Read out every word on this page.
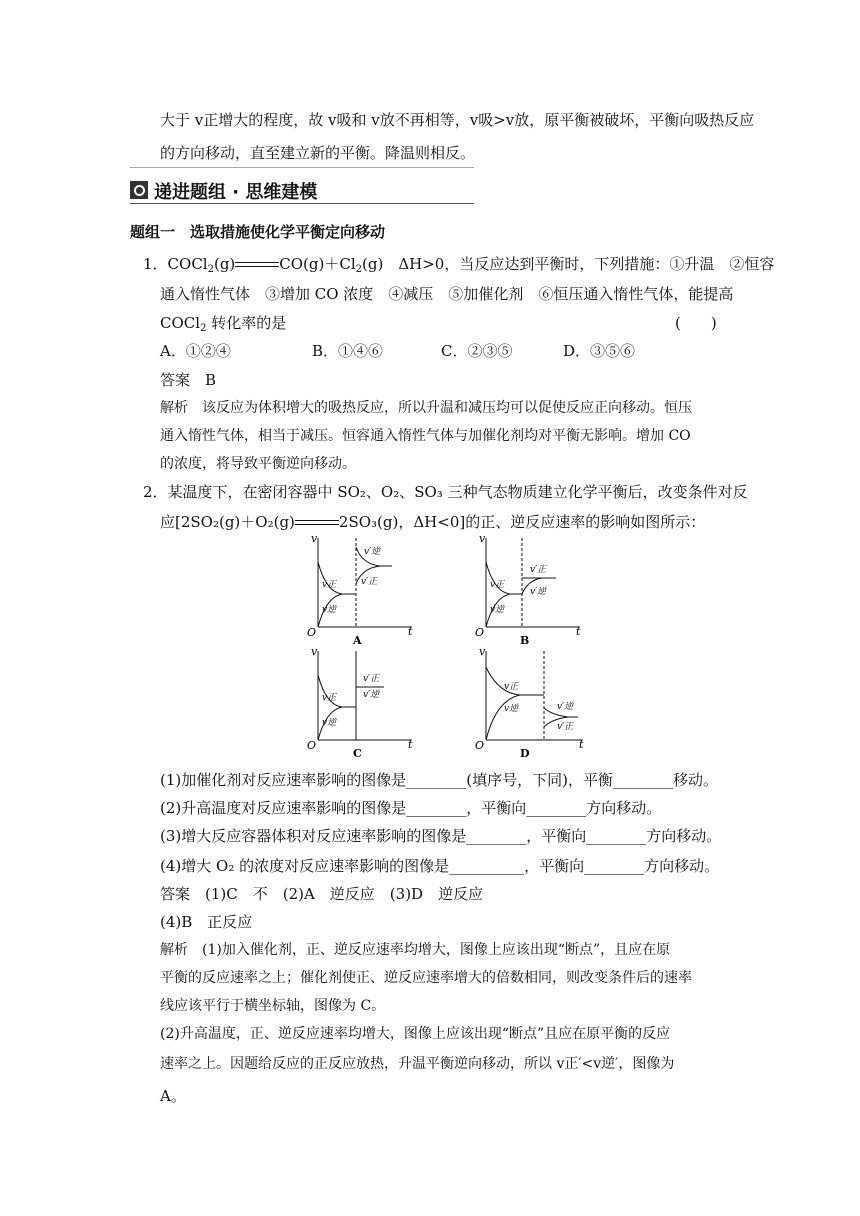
大于 v正增大的程度，故 v吸和 v放不再相等，v吸>v放，原平衡被破坏，平衡向吸热反应
的方向移动，直至建立新的平衡。降温则相反。
递进题组 · 思维建模
题组一　选取措施使化学平衡定向移动
1．COCl$_2$(g)	$CO(g)+Cl_2(g)$　ΔH>0，当反应达到平衡时，下列措施：①升温　②恒容
通入惰性气体　③增加 CO 浓度　④减压　⑤加催化剂　⑥恒压通入惰性气体，能提高
COCl$_2$ 转化率的是	(　　)
A．①②④	B．①④⑥	C．②③⑤	D．③⑤⑥
答案　B
解析　该反应为体积增大的吸热反应，所以升温和减压均可以促使反应正向移动。恒压
通入惰性气体，相当于减压。恒容通入惰性气体与加催化剂均对平衡无影响。增加 CO
的浓度，将导致平衡逆向移动。
2．某温度下，在密闭容器中 SO₂、O₂、SO₃ 三种气态物质建立化学平衡后，改变条件对反
应[2SO₂(g)＋O₂(g)	2SO₃(g)，ΔH<0]的正、逆反应速率的影响如图所示：
v
t
O
v′逆
v′正
v正
v逆
A
v
t
O
v′正
v′逆
v正
v逆
B
v
t
O
v′正
v′逆
v正
v逆
C
v
t
O
v′逆
v′正
v正
v逆
D
(1)加催化剂对反应速率影响的图像是________(填序号，下同)，平衡________移动。
(2)升高温度对反应速率影响的图像是________，平衡向________方向移动。
(3)增大反应容器体积对反应速率影响的图像是________，平衡向________方向移动。
(4)增大 O₂ 的浓度对反应速率影响的图像是__________，平衡向________方向移动。
答案　(1)C　不　(2)A　逆反应　(3)D　逆反应
(4)B　正反应
解析　(1)加入催化剂，正、逆反应速率均增大，图像上应该出现“断点”，且应在原
平衡的反应速率之上；催化剂使正、逆反应速率增大的倍数相同，则改变条件后的速率
线应该平行于横坐标轴，图像为 C。
(2)升高温度，正、逆反应速率均增大，图像上应该出现“断点”且应在原平衡的反应
速率之上。因题给反应的正反应放热，升温平衡逆向移动，所以 v正′<v逆′，图像为
A。
